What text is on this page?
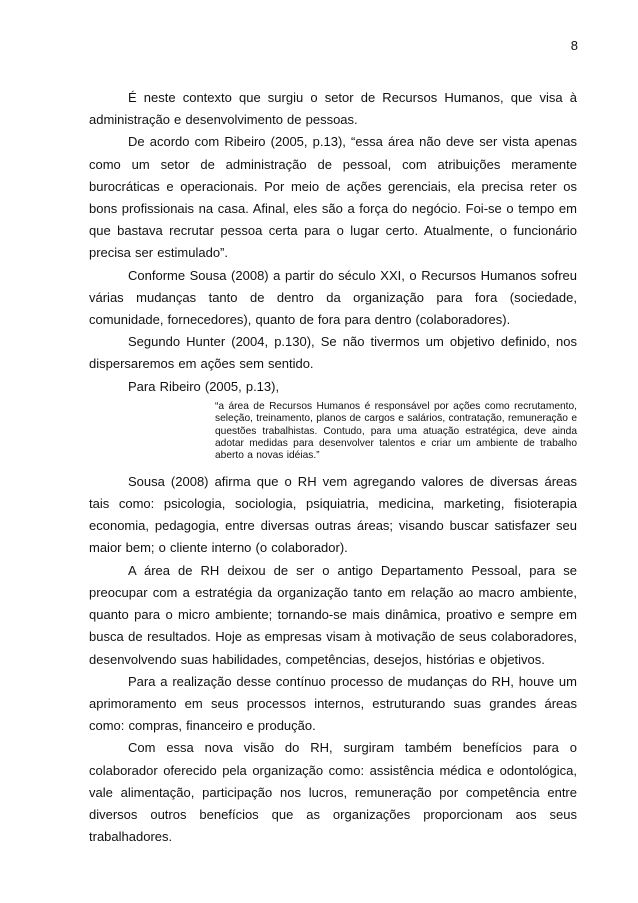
8

É neste contexto que surgiu o setor de Recursos Humanos, que visa à administração e desenvolvimento de pessoas.

De acordo com Ribeiro (2005, p.13), “essa área não deve ser vista apenas como um setor de administração de pessoal, com atribuições meramente burocráticas e operacionais. Por meio de ações gerenciais, ela precisa reter os bons profissionais na casa. Afinal, eles são a força do negócio. Foi-se o tempo em que bastava recrutar pessoa certa para o lugar certo. Atualmente, o funcionário precisa ser estimulado”.

Conforme Sousa (2008) a partir do século XXI, o Recursos Humanos sofreu várias mudanças tanto de dentro da organização para fora (sociedade, comunidade, fornecedores), quanto de fora para dentro (colaboradores).

Segundo Hunter (2004, p.130), Se não tivermos um objetivo definido, nos dispersaremos em ações sem sentido.

Para Ribeiro (2005, p.13),

“a área de Recursos Humanos é responsável por ações como recrutamento, seleção, treinamento, planos de cargos e salários, contratação, remuneração e questões trabalhistas. Contudo, para uma atuação estratégica, deve ainda adotar medidas para desenvolver talentos e criar um ambiente de trabalho aberto a novas idéias.”

Sousa (2008) afirma que o RH vem agregando valores de diversas áreas tais como: psicologia, sociologia, psiquiatria, medicina, marketing, fisioterapia economia, pedagogia, entre diversas outras áreas; visando buscar satisfazer seu maior bem; o cliente interno (o colaborador).

A área de RH deixou de ser o antigo Departamento Pessoal, para se preocupar com a estratégia da organização tanto em relação ao macro ambiente, quanto para o micro ambiente; tornando-se mais dinâmica, proativo e sempre em busca de resultados. Hoje as empresas visam à motivação de seus colaboradores, desenvolvendo suas habilidades, competências, desejos, histórias e objetivos.

Para a realização desse contínuo processo de mudanças do RH, houve um aprimoramento em seus processos internos, estruturando suas grandes áreas como: compras, financeiro e produção.

Com essa nova visão do RH, surgiram também benefícios para o colaborador oferecido pela organização como: assistência médica e odontológica, vale alimentação, participação nos lucros, remuneração por competência entre diversos outros benefícios que as organizações proporcionam aos seus trabalhadores.
